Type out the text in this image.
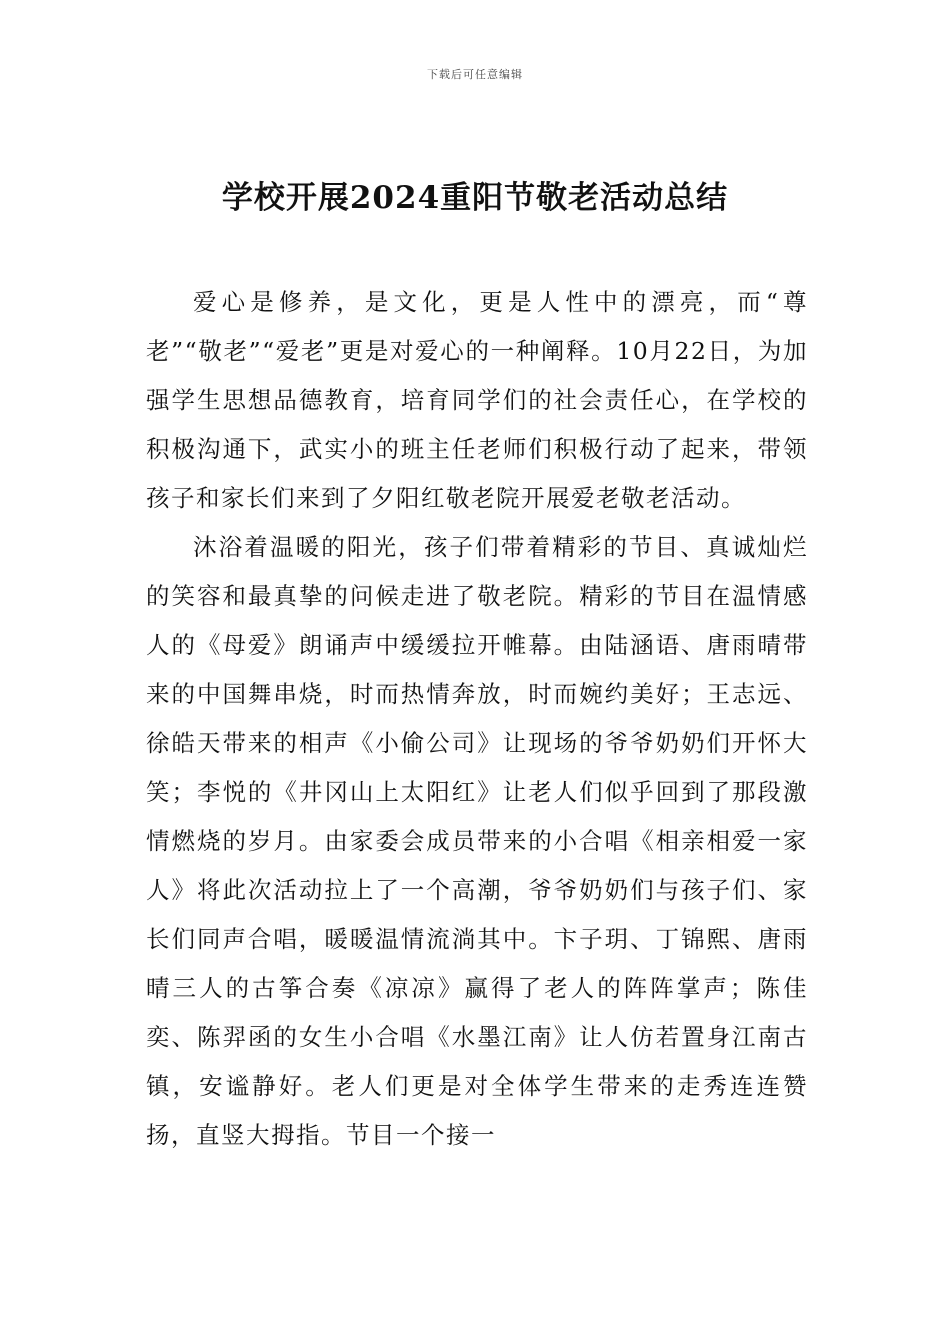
下载后可任意编辑
学校开展2024重阳节敬老活动总结

爱心是修养，是文化，更是人性中的漂亮，而“尊老”“敬老”“爱老”更是对爱心的一种阐释。10月22日，为加强学生思想品德教育，培育同学们的社会责任心，在学校的积极沟通下，武实小的班主任老师们积极行动了起来，带领孩子和家长们来到了夕阳红敬老院开展爱老敬老活动。

沐浴着温暖的阳光，孩子们带着精彩的节目、真诚灿烂的笑容和最真挚的问候走进了敬老院。精彩的节目在温情感人的《母爱》朗诵声中缓缓拉开帷幕。由陆涵语、唐雨晴带来的中国舞串烧，时而热情奔放，时而婉约美好；王志远、徐皓天带来的相声《小偷公司》让现场的爷爷奶奶们开怀大笑；李悦的《井冈山上太阳红》让老人们似乎回到了那段激情燃烧的岁月。由家委会成员带来的小合唱《相亲相爱一家人》将此次活动拉上了一个高潮，爷爷奶奶们与孩子们、家长们同声合唱，暖暖温情流淌其中。卞子玥、丁锦熙、唐雨晴三人的古筝合奏《凉凉》赢得了老人的阵阵掌声；陈佳奕、陈羿函的女生小合唱《水墨江南》让人仿若置身江南古镇，安谧静好。老人们更是对全体学生带来的走秀连连赞扬，直竖大拇指。节目一个接一
